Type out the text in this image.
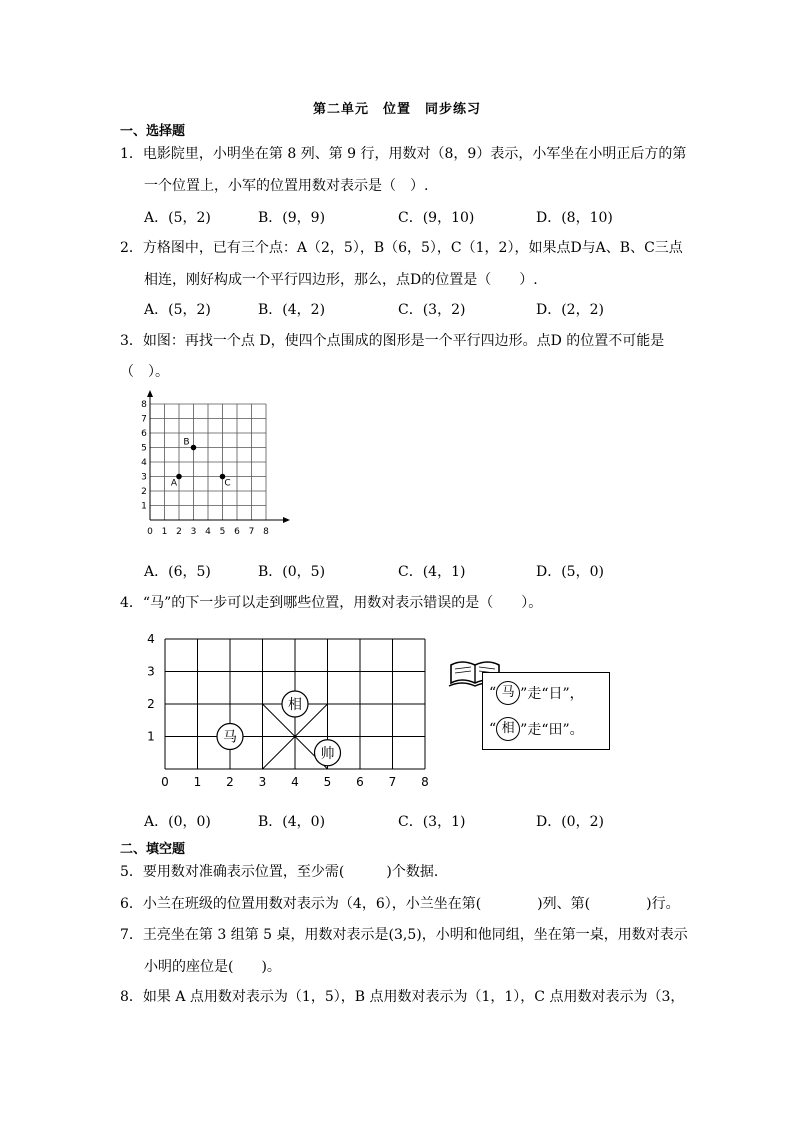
第二单元　位置　同步练习
一、选择题
1．电影院里，小明坐在第 8 列、第 9 行，用数对（8，9）表示，小军坐在小明正后方的第
一个位置上，小军的位置用数对表示是（　）.
A．(5，2)	B．(9，9)	C．(9，10)	D．(8，10)
2．方格图中，已有三个点：A（2，5），B（6，5），C（1，2），如果点D与A、B、C三点
相连，刚好构成一个平行四边形，那么，点D的位置是（　　）.
A．(5，2)	B．(4，2)	C．(3，2)	D．(2，2)
3．如图：再找一个点 D，使四个点围成的图形是一个平行四边形。点D 的位置不可能是
（　）。
0 1 2 3 4 5 6 7 8
1
2
3
4
5
6
7
8
A
B
C
A．(6，5)	B．(0，5)	C．(4，1)	D．(5，0)
4．“马”的下一步可以走到哪些位置，用数对表示错误的是（　　）。
0 1 2 3 4 5 6 7 8
1
2
3
4
马
相
帅
“ 马 ”走“日”，
“ 相 ”走“田”。
A．(0，0)	B．(4，0)	C．(3，1)	D．(0，2)
二、填空题
5．要用数对准确表示位置，至少需(　　　)个数据．
6．小兰在班级的位置用数对表示为（4，6），小兰坐在第(　　　　)列、第(　　　　)行。
7．王亮坐在第 3 组第 5 桌，用数对表示是(3,5)，小明和他同组，坐在第一桌，用数对表示
小明的座位是(　　)。
8．如果 A 点用数对表示为（1，5），B 点用数对表示为（1，1），C 点用数对表示为（3，
